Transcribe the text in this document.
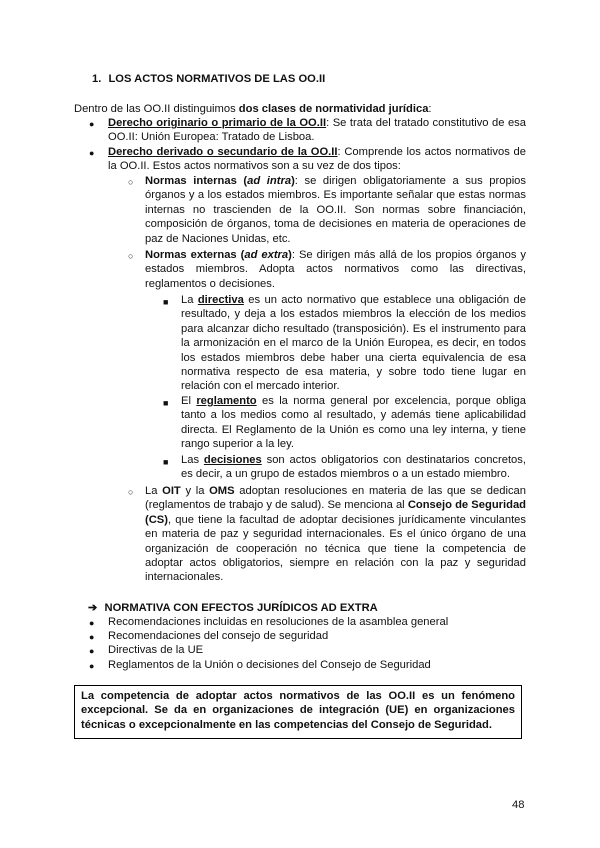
1. LOS ACTOS NORMATIVOS DE LAS OO.II
Dentro de las OO.II distinguimos dos clases de normatividad jurídica:
● Derecho originario o primario de la OO.II: Se trata del tratado constitutivo de esa OO.II: Unión Europea: Tratado de Lisboa.
● Derecho derivado o secundario de la OO.II: Comprende los actos normativos de la OO.II. Estos actos normativos son a su vez de dos tipos:
○ Normas internas (ad intra): se dirigen obligatoriamente a sus propios órganos y a los estados miembros. Es importante señalar que estas normas internas no trascienden de la OO.II. Son normas sobre financiación, composición de órganos, toma de decisiones en materia de operaciones de paz de Naciones Unidas, etc.
○ Normas externas (ad extra): Se dirigen más allá de los propios órganos y estados miembros. Adopta actos normativos como las directivas, reglamentos o decisiones.
■ La directiva es un acto normativo que establece una obligación de resultado, y deja a los estados miembros la elección de los medios para alcanzar dicho resultado (transposición). Es el instrumento para la armonización en el marco de la Unión Europea, es decir, en todos los estados miembros debe haber una cierta equivalencia de esa normativa respecto de esa materia, y sobre todo tiene lugar en relación con el mercado interior.
■ El reglamento es la norma general por excelencia, porque obliga tanto a los medios como al resultado, y además tiene aplicabilidad directa. El Reglamento de la Unión es como una ley interna, y tiene rango superior a la ley.
■ Las decisiones son actos obligatorios con destinatarios concretos, es decir, a un grupo de estados miembros o a un estado miembro.
○ La OIT y la OMS adoptan resoluciones en materia de las que se dedican (reglamentos de trabajo y de salud). Se menciona al Consejo de Seguridad (CS), que tiene la facultad de adoptar decisiones jurídicamente vinculantes en materia de paz y seguridad internacionales. Es el único órgano de una organización de cooperación no técnica que tiene la competencia de adoptar actos obligatorios, siempre en relación con la paz y seguridad internacionales.
➔ NORMATIVA CON EFECTOS JURÍDICOS AD EXTRA
● Recomendaciones incluidas en resoluciones de la asamblea general
● Recomendaciones del consejo de seguridad
● Directivas de la UE
● Reglamentos de la Unión o decisiones del Consejo de Seguridad
La competencia de adoptar actos normativos de las OO.II es un fenómeno excepcional. Se da en organizaciones de integración (UE) en organizaciones técnicas o excepcionalmente en las competencias del Consejo de Seguridad.
48
